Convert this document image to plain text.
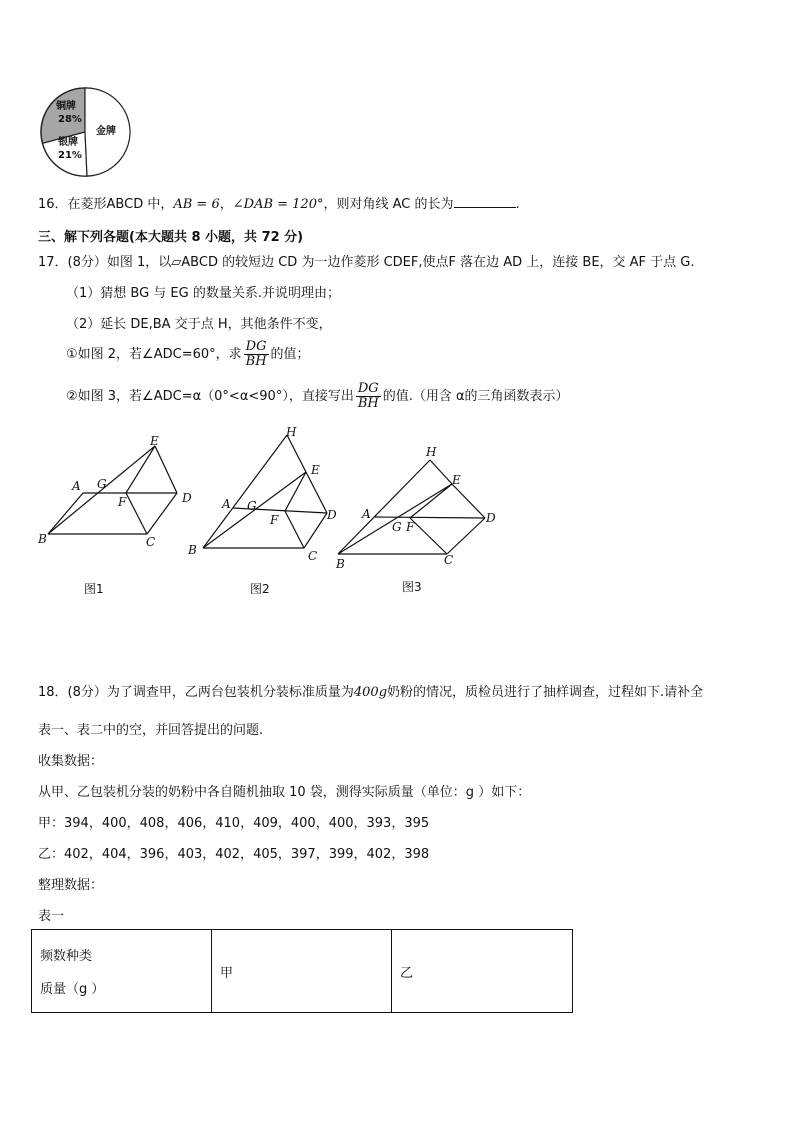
铜牌
28%
金牌
银牌
21%
16．在菱形ABCD 中，AB = 6，∠DAB = 120°，则对角线 AC 的长为	.
三、解下列各题(本大题共 8 小题，共 72 分)
17．(8分）如图 1，以▱ABCD 的较短边 CD 为一边作菱形 CDEF,使点F 落在边 AD 上，连接 BE，交 AF 于点 G.
（1）猜想 BG 与 EG 的数量关系.并说明理由；
（2）延长 DE,BA 交于点 H，其他条件不变，
①如图 2，若∠ADC=60°，求 $\frac{DG}{BH}$ 的值；
②如图 3，若∠ADC=α（0°<α<90°），直接写出 $\frac{DG}{BH}$ 的值.（用含 α的三角函数表示）
E
A G
F	D
B	C
图1
H
E
A G
F	D
B	C
图2
H
E
A
G F
D
B	C
图3
18．(8分）为了调查甲，乙两台包装机分装标准质量为400g奶粉的情况，质检员进行了抽样调查，过程如下.请补全
表一、表二中的空，并回答提出的问题.
收集数据：
从甲、乙包装机分装的奶粉中各自随机抽取 10 袋，测得实际质量（单位：g ）如下：
甲：394，400，408，406，410，409，400，400，393，395
乙：402，404，396，403，402，405，397，399，402，398
整理数据：
表一
频数种类
质量（g ）
	甲	乙
